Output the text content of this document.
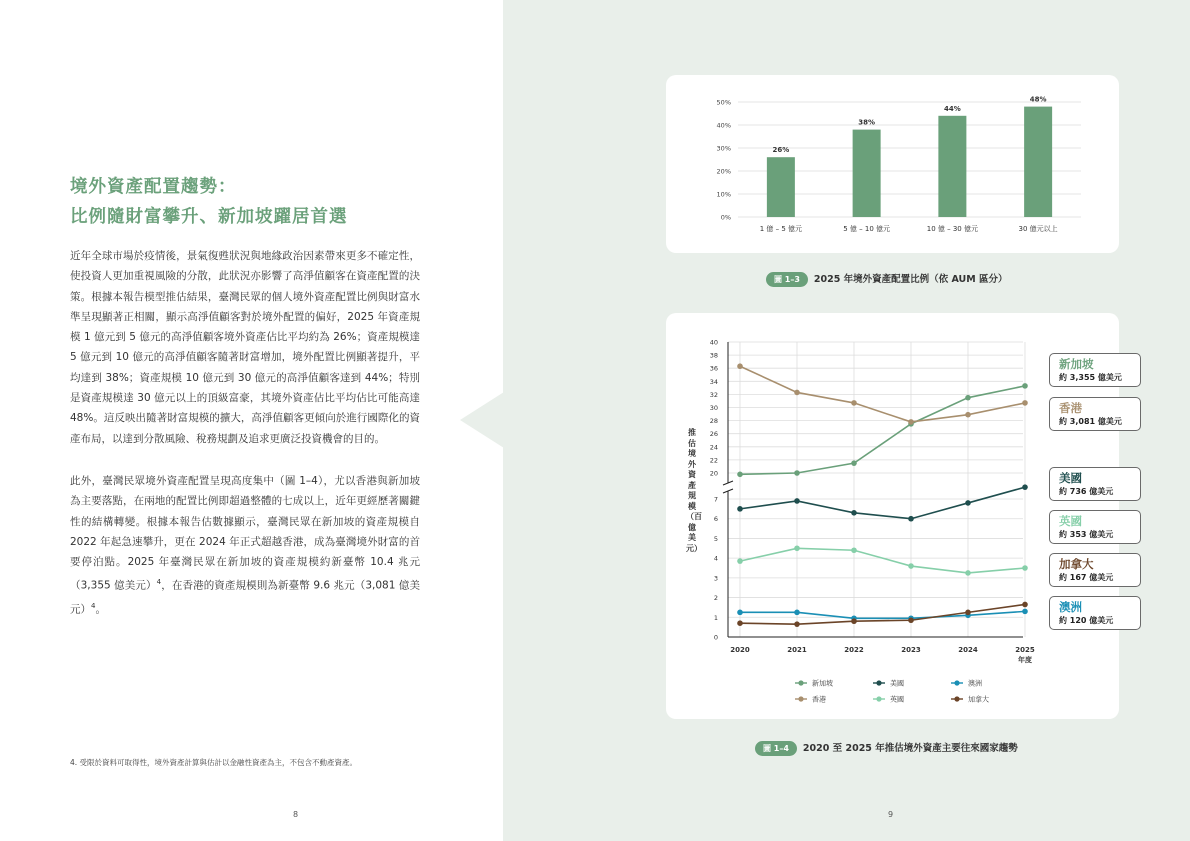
境外資產配置趨勢：
比例隨財富攀升、新加坡躍居首選

近年全球市場於疫情後，景氣復甦狀況與地緣政治因素帶來更多不確定性，使投資人更加重視風險的分散，此狀況亦影響了高淨值顧客在資產配置的決策。根據本報告模型推估結果，臺灣民眾的個人境外資產配置比例與財富水準呈現顯著正相關，顯示高淨值顧客對於境外配置的偏好，2025 年資產規模 1 億元到 5 億元的高淨值顧客境外資產佔比平均約為 26%；資產規模達 5 億元到 10 億元的高淨值顧客隨著財富增加，境外配置比例顯著提升，平均達到 38%；資產規模 10 億元到 30 億元的高淨值顧客達到 44%；特別是資產規模達 30 億元以上的頂級富豪，其境外資產佔比平均佔比可能高達 48%。這反映出隨著財富規模的擴大，高淨值顧客更傾向於進行國際化的資產布局，以達到分散風險、稅務規劃及追求更廣泛投資機會的目的。

此外，臺灣民眾境外資產配置呈現高度集中（圖 1–4），尤以香港與新加坡為主要落點，在兩地的配置比例即超過整體的七成以上，近年更經歷著關鍵性的結構轉變。根據本報告估數據顯示，臺灣民眾在新加坡的資產規模自 2022 年起急速攀升，更在 2024 年正式超越香港，成為臺灣境外財富的首要停泊點。2025 年臺灣民眾在新加坡的資產規模約新臺幣 10.4 兆元（3,355 億美元）$^4$，在香港的資產規模則為新臺幣 9.6 兆元（3,081 億美元）$^4$。

4. 受限於資料可取得性，境外資產計算與估計以金融性資產為主，不包含不動產資產。

8	9
0%
10%
20%
30%
40%
50%
26%
1 億 – 5 億元
38%
5 億 – 10 億元
44%
10 億 – 30 億元
48%
30 億元以上
圖 1–3 2025 年境外資產配置比例（依 AUM 區分）
20
22
24
26
28
30
32
34
36
38
40
0
1
2
3
4
5
6
7
2020	2021	2022	2023	2024	2025
年度
新加坡	美國	澳洲
香港	英國	加拿大
推估境外資產規模（百億美元）
圖 1–4 2020 至 2025 年推估境外資產主要往來國家趨勢
新加坡
約 3,355 億美元
香港
約 3,081 億美元
美國
約 736 億美元
英國
約 353 億美元
加拿大
約 167 億美元
澳洲
約 120 億美元
